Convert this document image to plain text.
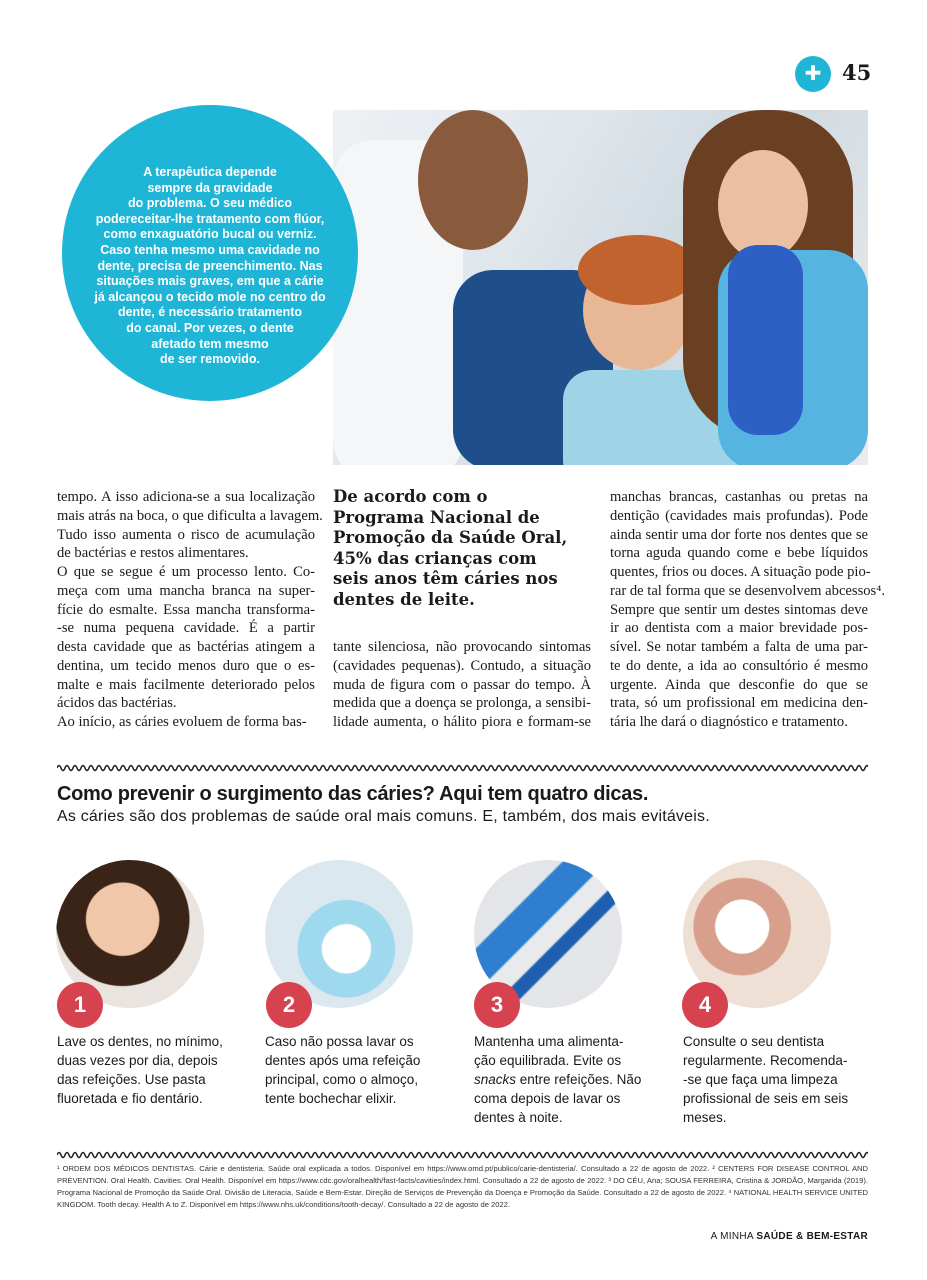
✚ 45
A terapêutica depende
sempre da gravidade
do problema. O seu médico
podereceitar-lhe tratamento com flúor,
como enxaguatório bucal ou verniz.
Caso tenha mesmo uma cavidade no
dente, precisa de preenchimento. Nas
situações mais graves, em que a cárie
já alcançou o tecido mole no centro do
dente, é necessário tratamento
do canal. Por vezes, o dente
afetado tem mesmo
de ser removido.
tempo. A isso adiciona-se a sua localização
mais atrás na boca, o que dificulta a lavagem.
Tudo isso aumenta o risco de acumulação
de bactérias e restos alimentares.
O que se segue é um processo lento. Co-
meça com uma mancha branca na super-
fície do esmalte. Essa mancha transforma-
-se numa pequena cavidade. É a partir
desta cavidade que as bactérias atingem a
dentina, um tecido menos duro que o es-
malte e mais facilmente deteriorado pelos
ácidos das bactérias.
Ao início, as cáries evoluem de forma bas-
De acordo com o
Programa Nacional de
Promoção da Saúde Oral,
45% das crianças com
seis anos têm cáries nos
dentes de leite.
tante silenciosa, não provocando sintomas
(cavidades pequenas). Contudo, a situação
muda de figura com o passar do tempo. À
medida que a doença se prolonga, a sensibi-
lidade aumenta, o hálito piora e formam-se
manchas brancas, castanhas ou pretas na
dentição (cavidades mais profundas). Pode
ainda sentir uma dor forte nos dentes que se
torna aguda quando come e bebe líquidos
quentes, frios ou doces. A situação pode pio-
rar de tal forma que se desenvolvem abcessos⁴.
Sempre que sentir um destes sintomas deve
ir ao dentista com a maior brevidade pos-
sível. Se notar também a falta de uma par-
te do dente, a ida ao consultório é mesmo
urgente. Ainda que desconfie do que se
trata, só um profissional em medicina den-
tária lhe dará o diagnóstico e tratamento.
Como prevenir o surgimento das cáries? Aqui tem quatro dicas.
As cáries são dos problemas de saúde oral mais comuns. E, também, dos mais evitáveis.
1	2	3	4
Lave os dentes, no mínimo,
duas vezes por dia, depois
das refeições. Use pasta
fluoretada e fio dentário.
Caso não possa lavar os
dentes após uma refeição
principal, como o almoço,
tente bochechar elixir.
Mantenha uma alimenta-
ção equilibrada. Evite os
snacks entre refeições. Não
coma depois de lavar os
dentes à noite.
Consulte o seu dentista
regularmente. Recomenda-
-se que faça uma limpeza
profissional de seis em seis
meses.
¹ ORDEM DOS MÉDICOS DENTISTAS. Cárie e dentisteria. Saúde oral explicada a todos. Disponível em https://www.omd.pt/publico/carie-dentisteria/. Consultado a 22 de agosto de 2022. ² CENTERS FOR DISEASE CONTROL AND PREVENTION. Oral Health. Cavities. Oral Health. Disponível em https://www.cdc.gov/oralhealth/fast-facts/cavities/index.html. Consultado a 22 de agosto de 2022. ³ DO CÉU, Ana; SOUSA FERREIRA, Cristina & JORDÃO, Margarida (2019). Programa Nacional de Promoção da Saúde Oral. Divisão de Literacia, Saúde e Bem-Estar. Direção de Serviços de Prevenção da Doença e Promoção da Saúde. Consultado a 22 de agosto de 2022. ⁴ NATIONAL HEALTH SERVICE UNITED KINGDOM. Tooth decay. Health A to Z. Disponível em https://www.nhs.uk/conditions/tooth-decay/. Consultado a 22 de agosto de 2022.
A MINHA SAÚDE & BEM-ESTAR
